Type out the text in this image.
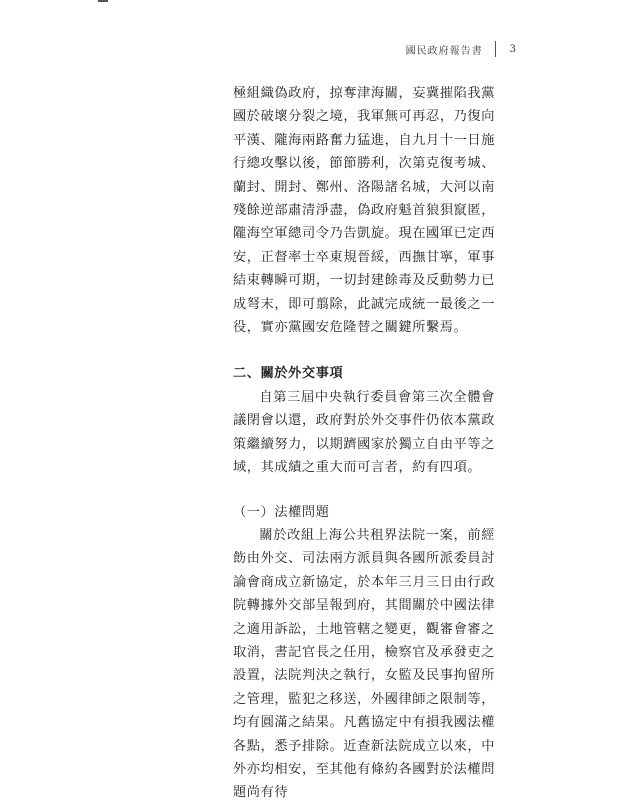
國民政府報告書	3

極組織偽政府，掠奪津海關，妄冀摧陷我黨國於破壞分裂之境，我軍無可再忍，乃復向平漢、隴海兩路奮力猛進，自九月十一日施行總攻擊以後，節節勝利，次第克復考城、蘭封、開封、鄭州、洛陽諸名城，大河以南殘餘逆部肅清淨盡，偽政府魁首狼狽竄匿，隴海空軍總司令乃告凱旋。現在國軍已定西安，正督率士卒東規晉綏，西撫甘寧，軍事結束轉瞬可期，一切封建餘毒及反動勢力已成弩末，即可翦除，此誠完成統一最後之一役，實亦黨國安危隆替之關鍵所繫焉。

二、關於外交事項

自第三屆中央執行委員會第三次全體會議閉會以還，政府對於外交事件仍依本黨政策繼續努力，以期躋國家於獨立自由平等之域，其成績之重大而可言者，約有四項。

（一）法權問題

關於改組上海公共租界法院一案，前經飭由外交、司法兩方派員與各國所派委員討論會商成立新協定，於本年三月三日由行政院轉據外交部呈報到府，其間關於中國法律之適用訴訟，土地管轄之變更，觀審會審之取消，書記官長之任用，檢察官及承發吏之設置，法院判決之執行，女監及民事拘留所之管理，監犯之移送，外國律師之限制等，均有圓滿之結果。凡舊協定中有損我國法權各點，悉予排除。近查新法院成立以來，中外亦均相安，至其他有條約各國對於法權問題尚有待
